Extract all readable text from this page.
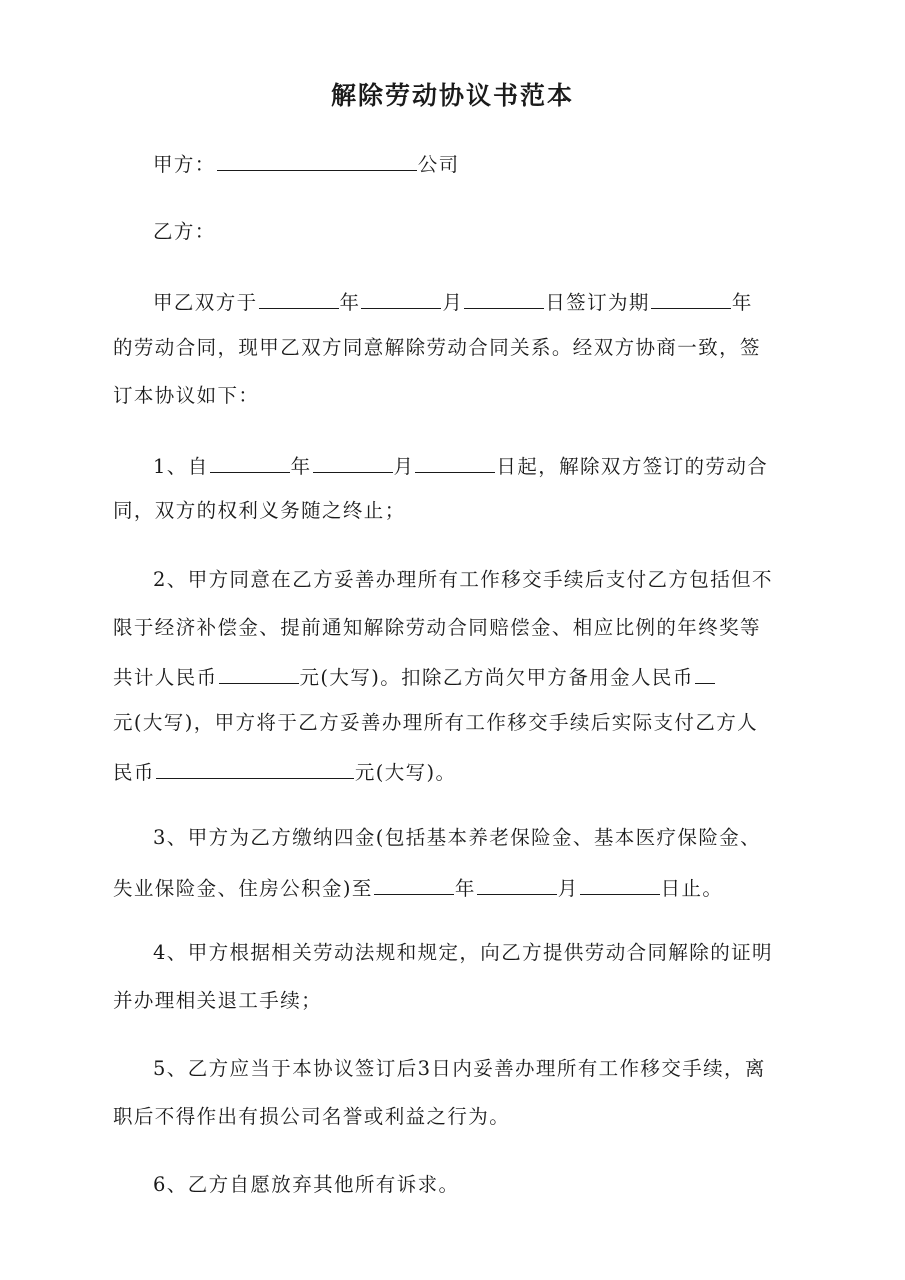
解除劳动协议书范本
甲方：	公司
乙方：
甲乙双方于	年	月	日签订为期	年
的劳动合同，现甲乙双方同意解除劳动合同关系。经双方协商一致，签
订本协议如下：
1、自	年	月	日起，解除双方签订的劳动合
同，双方的权利义务随之终止；
2、甲方同意在乙方妥善办理所有工作移交手续后支付乙方包括但不
限于经济补偿金、提前通知解除劳动合同赔偿金、相应比例的年终奖等
共计人民币	元(大写)。扣除乙方尚欠甲方备用金人民币
元(大写)，甲方将于乙方妥善办理所有工作移交手续后实际支付乙方人
民币	元(大写)。
3、甲方为乙方缴纳四金(包括基本养老保险金、基本医疗保险金、
失业保险金、住房公积金)至	年	月	日止。
4、甲方根据相关劳动法规和规定，向乙方提供劳动合同解除的证明
并办理相关退工手续；
5、乙方应当于本协议签订后3日内妥善办理所有工作移交手续，离
职后不得作出有损公司名誉或利益之行为。
6、乙方自愿放弃其他所有诉求。
